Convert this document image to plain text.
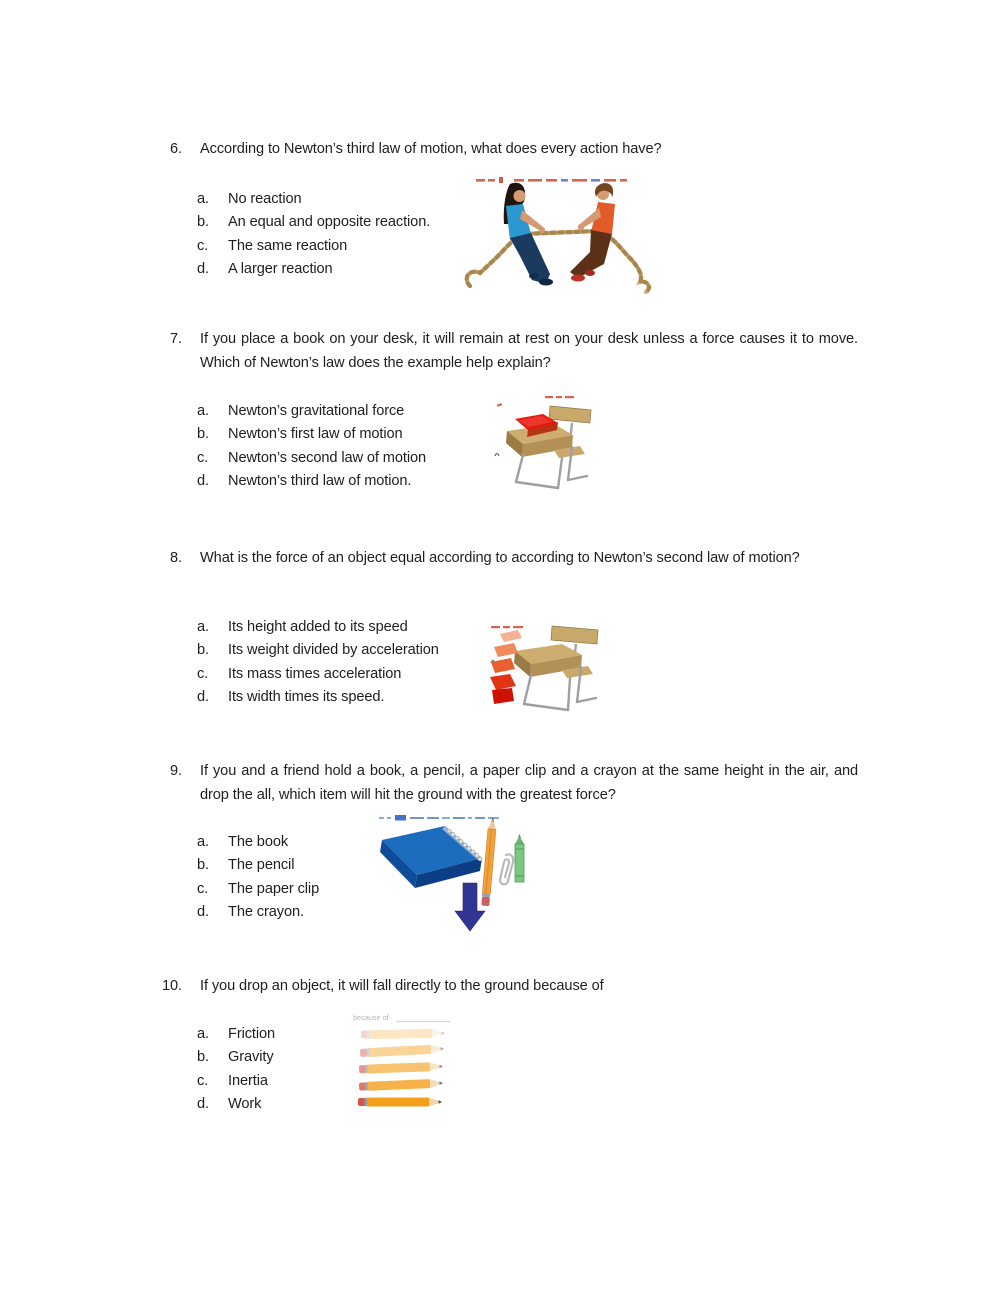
6. According to Newton’s third law of motion, what does every action have?

a.	No reaction
b.	An equal and opposite reaction.
c.	The same reaction
d.	A larger reaction
7. If you place a book on your desk, it will remain at rest on your desk unless a force causes it to move. Which of Newton’s law does the example help explain?

a.	Newton’s gravitational force
b.	Newton’s first law of motion
c.	Newton’s second law of motion
d.	Newton’s third law of motion.
8. What is the force of an object equal according to according to Newton’s second law of motion?

a.	Its height added to its speed
b.	Its weight divided by acceleration
c.	Its mass times acceleration
d.	Its width times its speed.
9. If you and a friend hold a book, a pencil, a paper clip and a crayon at the same height in the air, and drop the all, which item will hit the ground with the greatest force?

a.	The book
b.	The pencil
c.	The paper clip
d.	The crayon.
10. If you drop an object, it will fall directly to the ground because of

a.	Friction
b.	Gravity
c.	Inertia
d.	Work
because of
